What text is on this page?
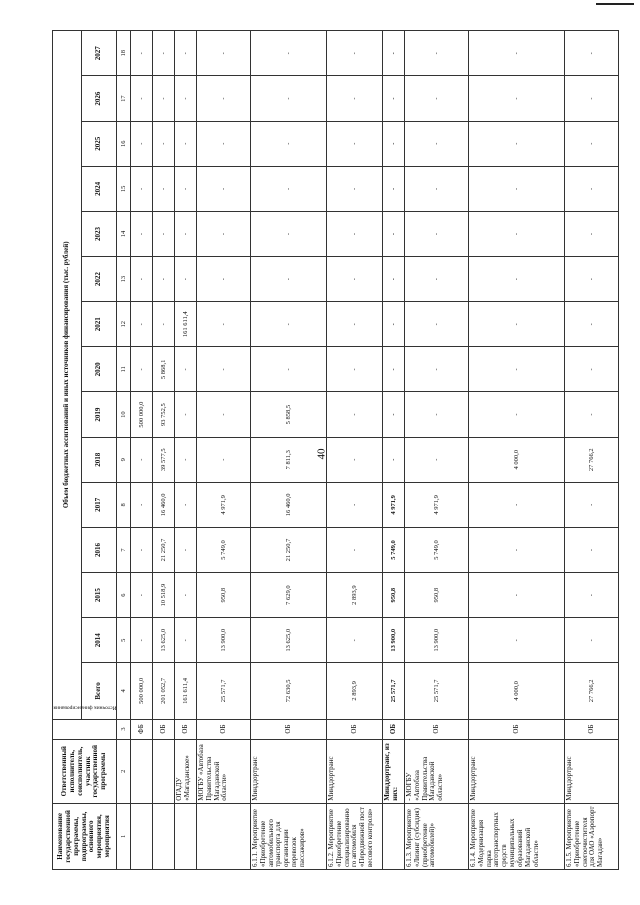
40
Наименование государственной программы, подпрограммы, основного мероприятия, мероприятия	Ответственный исполнитель, соисполнитель, участник государственной программы	Источник финансирования	Объем бюджетных ассигнований и иных источников финансирования (тыс. рублей)														
			Всего	2014	2015	2016	2017	2018	2019	2020	2021	2022	2023	2024	2025	2026	2027
1	2	3	4	5	6	7	8	9	10	11	12	13	14	15	16	17	18
		ФБ	500 000,0	-	-	-	-	-	500 000,0	-	-	-	-	-	-	-	-
		ОБ	201 052,7	13 625,0	10 518,9	21 250,7	16 460,0	39 577,5	93 752,5	5 868,1	-	-	-	-	-	-	-
	ОГАДУ «Магаданское»	ОБ	161 611,4	-	-	-	-	-	-	-	161 611,4	-	-	-	-	-	-
	МОГБУ «Автобаза Правительства Магаданской области»	ОБ	25 571,7	13 900,0	950,8	5 749,0	4 971,9	-	-	-	-	-	-	-	-	-	-
6.1.1. Мероприятие «Приобретение автомобильного транспорта для организации перевозок пассажиров»	Минддортранс	ОБ	72 630,5	13 625,0	7 629,0	21 250,7	16 460,0	7 811,3	5 858,5	-	-	-	-	-	-	-	-
6.1.2. Мероприятие «Приобретение специализированного автомобиля «Передвижной пост весового контроля»	Минддортранс	ОБ	2 893,9	-	2 893,9	-	-	-	-	-	-	-	-	-	-	-	-
	Минддортранс, из них:	ОБ	25 571,7	13 900,0	950,8	5 749,0	4 971,9	-	-	-	-	-	-	-	-	-	-
6.1.3. Мероприятие «Лизинг (субсидия) (приобретение автомобилей)»	- МОГБУ «Автобаза Правительства Магаданской области»	ОБ	25 571,7	13 900,0	950,8	5 749,0	4 971,9	-	-	-	-	-	-	-	-	-	-
6.1.4. Мероприятие «Модернизация парка автотранспортных средств муниципальных образований Магаданской области»	Минддортранс	ОБ	4 000,0	-	-	-	-	4 000,0	-	-	-	-	-	-	-	-	-
6.1.5. Мероприятие «Приобретение снегоочистителя для ОАО «Аэропорт Магадан»	Минддортранс	ОБ	27 766,2	-	-	-	-	27 766,2	-	-	-	-	-	-	-	-	-
